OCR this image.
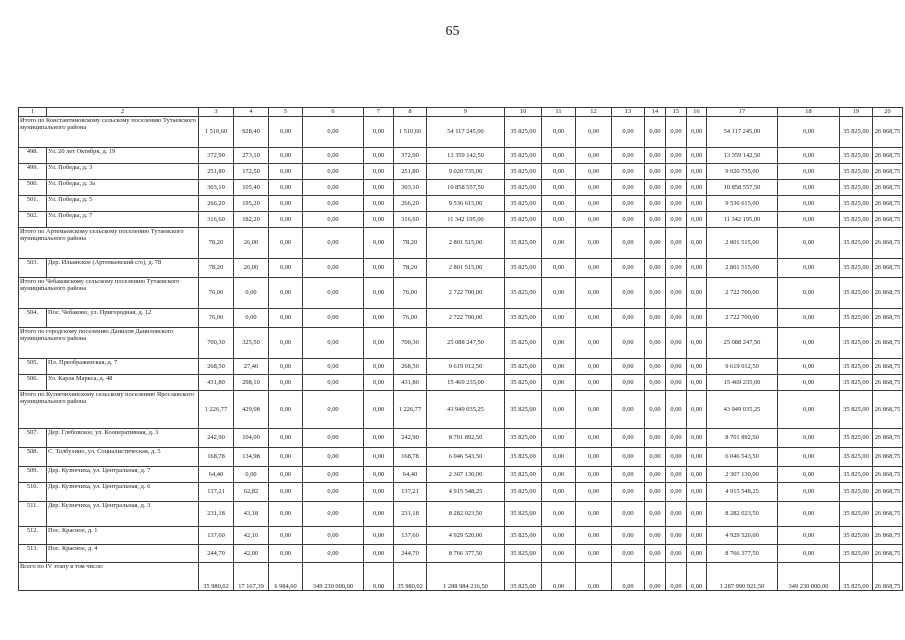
65
1	2	3	4	5	6	7	8	9	10	11	12	13	14	15	16	17	18	19	20
Итого по Константиновскому сельскому поселению Тутаевского муниципального района		1 510,60	928,40	0,00	0,00	0,00	1 510,60	54 117 245,00	35 825,00	0,00	0,00	0,00	0,00	0,00	0,00	54 117 245,00	0,00	35 825,00	26 868,75
498.	Ул. 20 лет Октября, д. 19	372,90	273,10	0,00	0,00	0,00	372,90	13 359 142,50	35 825,00	0,00	0,00	0,00	0,00	0,00	0,00	13 359 142,50	0,00	35 825,00	26 868,75
499.	Ул. Победы, д. 3	251,80	172,50	0,00	0,00	0,00	251,80	9 020 735,00	35 825,00	0,00	0,00	0,00	0,00	0,00	0,00	9 020 735,00	0,00	35 825,00	26 868,75
500.	Ул. Победы, д. 3а	303,10	105,40	0,00	0,00	0,00	303,10	10 858 557,50	35 825,00	0,00	0,00	0,00	0,00	0,00	0,00	10 858 557,50	0,00	35 825,00	26 868,75
501.	Ул. Победы, д. 5	266,20	195,20	0,00	0,00	0,00	266,20	9 536 615,00	35 825,00	0,00	0,00	0,00	0,00	0,00	0,00	9 536 615,00	0,00	35 825,00	26 868,75
502.	Ул. Победы, д. 7	316,60	182,20	0,00	0,00	0,00	316,60	11 342 195,00	35 825,00	0,00	0,00	0,00	0,00	0,00	0,00	11 342 195,00	0,00	35 825,00	26 868,75
Итого по Артемьевскому сельскому поселению Тутаевского муниципального района		78,20	26,00	0,00	0,00	0,00	78,20	2 801 515,00	35 825,00	0,00	0,00	0,00	0,00	0,00	0,00	2 801 515,00	0,00	35 825,00	26 868,75
503.	Дер. Ильинское (Артемьевский с/о), д. 78	78,20	26,00	0,00	0,00	0,00	78,20	2 801 515,00	35 825,00	0,00	0,00	0,00	0,00	0,00	0,00	2 801 515,00	0,00	35 825,00	26 868,75
Итого по Чебаковскому сельскому поселению Тутаевского муниципального района		76,00	0,00	0,00	0,00	0,00	76,00	2 722 700,00	35 825,00	0,00	0,00	0,00	0,00	0,00	0,00	2 722 700,00	0,00	35 825,00	26 868,75
504.	Пос. Чебаково, ул. Пригородная, д. 12	76,00	0,00	0,00	0,00	0,00	76,00	2 722 700,00	35 825,00	0,00	0,00	0,00	0,00	0,00	0,00	2 722 700,00	0,00	35 825,00	26 868,75
Итого по городскому поселению Данилов Даниловского муниципального района		700,30	325,50	0,00	0,00	0,00	700,30	25 088 247,50	35 825,00	0,00	0,00	0,00	0,00	0,00	0,00	25 088 247,50	0,00	35 825,00	26 868,75
505.	Пл. Преображенская, д. 7	268,50	27,40	0,00	0,00	0,00	268,50	9 619 012,50	35 825,00	0,00	0,00	0,00	0,00	0,00	0,00	9 619 012,50	0,00	35 825,00	26 868,75
506.	Ул. Карла Маркса, д. 48	431,80	298,10	0,00	0,00	0,00	431,80	15 469 235,00	35 825,00	0,00	0,00	0,00	0,00	0,00	0,00	15 469 235,00	0,00	35 825,00	26 868,75
Итого по Кузнечихинскому сельскому поселению Ярославского муниципального района		1 226,77	429,08	0,00	0,00	0,00	1 226,77	43 949 035,25	35 825,00	0,00	0,00	0,00	0,00	0,00	0,00	43 949 035,25	0,00	35 825,00	26 868,75
507.	Дер. Глебовское, ул. Кооперативная, д. 3	242,90	104,00	0,00	0,00	0,00	242,90	8 701 892,50	35 825,00	0,00	0,00	0,00	0,00	0,00	0,00	8 701 892,50	0,00	35 825,00	26 868,75
508.	С. Толбухино, ул. Социалистическая, д. 5	168,78	134,98	0,00	0,00	0,00	168,78	6 046 543,50	35 825,00	0,00	0,00	0,00	0,00	0,00	0,00	6 046 543,50	0,00	35 825,00	26 868,75
509.	Дер. Кузнечиха, ул. Центральная, д. 7	64,40	0,00	0,00	0,00	0,00	64,40	2 307 130,00	35 825,00	0,00	0,00	0,00	0,00	0,00	0,00	2 307 130,00	0,00	35 825,00	26 868,75
510.	Дер. Кузнечиха, ул. Центральная, д. 6	137,21	62,82	0,00	0,00	0,00	137,21	4 915 548,25	35 825,00	0,00	0,00	0,00	0,00	0,00	0,00	4 915 548,25	0,00	35 825,00	26 868,75
511.	Дер. Кузнечиха, ул. Центральная, д. 3	231,18	43,18	0,00	0,00	0,00	231,18	8 282 023,50	35 825,00	0,00	0,00	0,00	0,00	0,00	0,00	8 282 023,50	0,00	35 825,00	26 868,75
512.	Пос. Красное, д. 1	137,60	42,10	0,00	0,00	0,00	137,60	4 929 520,00	35 825,00	0,00	0,00	0,00	0,00	0,00	0,00	4 929 520,00	0,00	35 825,00	26 868,75
513.	Пос. Красное, д. 4	244,70	42,00	0,00	0,00	0,00	244,70	8 766 377,50	35 825,00	0,00	0,00	0,00	0,00	0,00	0,00	8 766 377,50	0,00	35 825,00	26 868,75
Всего по IV этапу в том числе:		35 980,02	17 167,39	6 984,60	349 230 000,00	0,00	35 980,02	1 288 984 216,50	35 825,00	0,00	0,00	0,00	0,00	0,00	0,00	1 287 990 921,50	349 230 000,00	35 825,00	26 868,75
